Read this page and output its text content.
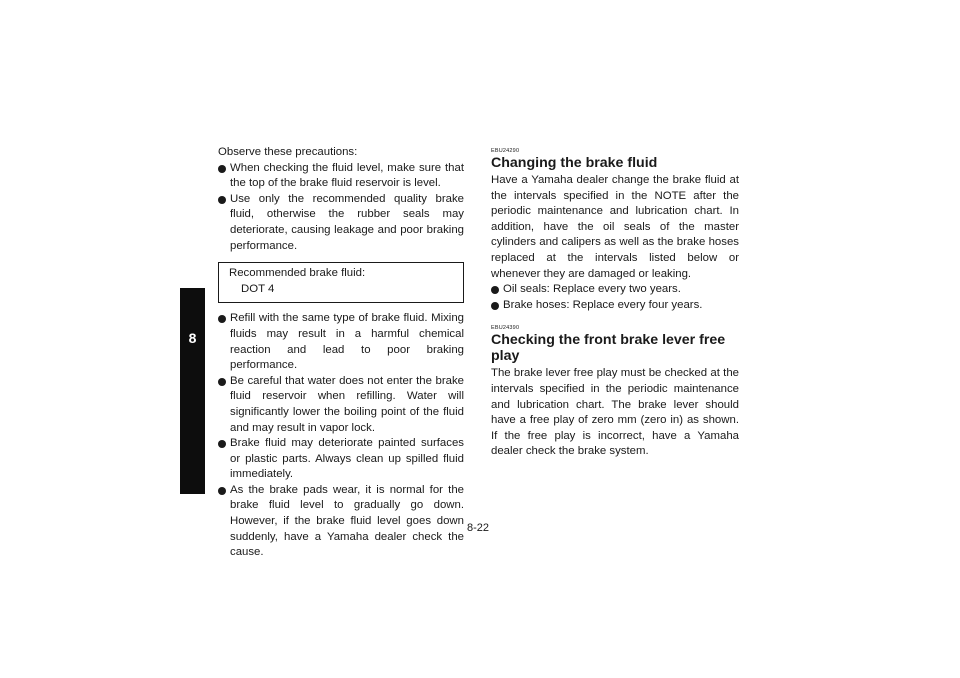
8

Observe these precautions:

When checking the fluid level, make sure that the top of the brake fluid reservoir is level.
Use only the recommended quality brake fluid, otherwise the rubber seals may deteriorate, causing leakage and poor braking performance.
Recommended brake fluid:
DOT 4
Refill with the same type of brake fluid. Mixing fluids may result in a harmful chemical reaction and lead to poor braking performance.
Be careful that water does not enter the brake fluid reservoir when refilling. Water will significantly lower the boiling point of the fluid and may result in vapor lock.
Brake fluid may deteriorate painted surfaces or plastic parts. Always clean up spilled fluid immediately.
As the brake pads wear, it is normal for the brake fluid level to gradually go down. However, if the brake fluid level goes down suddenly, have a Yamaha dealer check the cause.
EBU24290
Changing the brake fluid

Have a Yamaha dealer change the brake fluid at the intervals specified in the NOTE after the periodic maintenance and lubrication chart. In addition, have the oil seals of the master cylinders and calipers as well as the brake hoses replaced at the intervals listed below or whenever they are damaged or leaking.

Oil seals: Replace every two years.
Brake hoses: Replace every four years.
EBU24390
Checking the front brake lever free play

The brake lever free play must be checked at the intervals specified in the periodic maintenance and lubrication chart. The brake lever should have a free play of zero mm (zero in) as shown. If the free play is incorrect, have a Yamaha dealer check the brake system.

8-22
